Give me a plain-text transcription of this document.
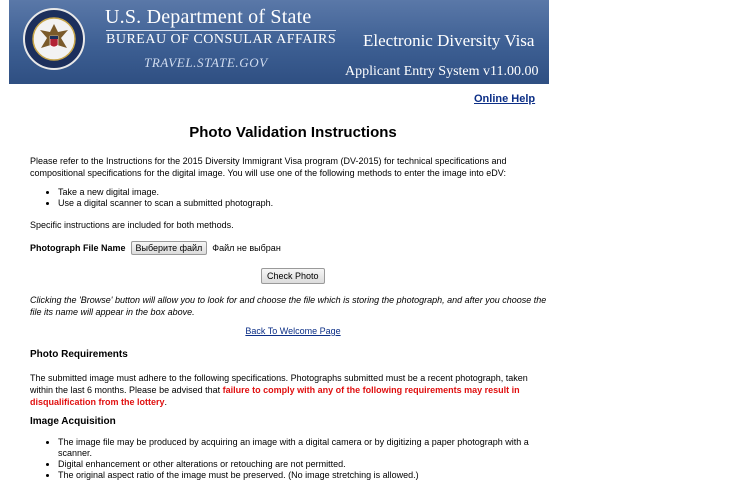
U.S. Department of State
BUREAU OF CONSULAR AFFAIRS
TRAVEL.STATE.GOV
Electronic Diversity Visa
Applicant Entry System v11.00.00
Online Help
Photo Validation Instructions

Please refer to the Instructions for the 2015 Diversity Immigrant Visa program (DV-2015) for technical specifications and compositional specifications for the digital image. You will use one of the following methods to enter the image into eDV:

• Take a new digital image.
• Use a digital scanner to scan a submitted photograph.

Specific instructions are included for both methods.

Photograph File Name	Выберите файл	Файл не выбран
Check Photo

Clicking the 'Browse' button will allow you to look for and choose the file which is storing the photograph, and after you choose the file its name will appear in the box above.

Back To Welcome Page
Photo Requirements

The submitted image must adhere to the following specifications. Photographs submitted must be a recent photograph, taken within the last 6 months. Please be advised that failure to comply with any of the following requirements may result in disqualification from the lottery.

Image Acquisition
• The image file may be produced by acquiring an image with a digital camera or by digitizing a paper photograph with a scanner.
• Digital enhancement or other alterations or retouching are not permitted.
• The original aspect ratio of the image must be preserved. (No image stretching is allowed.)
